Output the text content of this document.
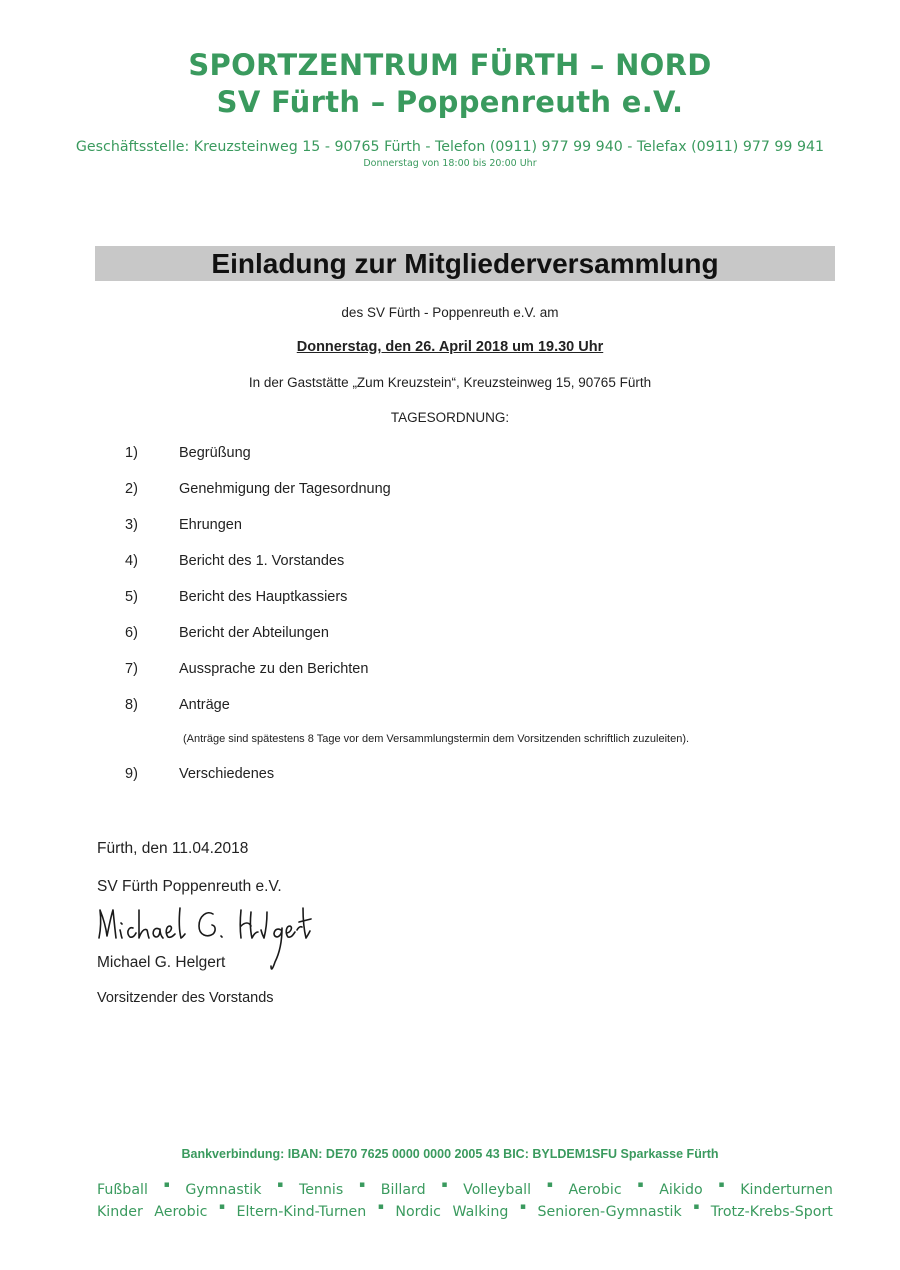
SPORTZENTRUM FÜRTH – NORD
SV Fürth – Poppenreuth e.V.
Geschäftsstelle: Kreuzsteinweg 15 - 90765 Fürth - Telefon (0911) 977 99 940 - Telefax (0911) 977 99 941
Donnerstag von 18:00 bis 20:00 Uhr
Einladung zur Mitgliederversammlung
des SV Fürth - Poppenreuth e.V. am
Donnerstag, den 26. April 2018 um 19.30 Uhr
In der Gaststätte „Zum Kreuzstein“, Kreuzsteinweg 15, 90765 Fürth
TAGESORDNUNG:
1)	Begrüßung
2)	Genehmigung der Tagesordnung
3)	Ehrungen
4)	Bericht des 1. Vorstandes
5)	Bericht des Hauptkassiers
6)	Bericht der Abteilungen
7)	Aussprache zu den Berichten
8)	Anträge
(Anträge sind spätestens 8 Tage vor dem Versammlungstermin dem Vorsitzenden schriftlich zuzuleiten).
9)	Verschiedenes
Fürth, den 11.04.2018
SV Fürth Poppenreuth e.V.
Michael G. Helgert
Vorsitzender des Vorstands
Bankverbindung: IBAN: DE70 7625 0000 0000 2005 43 BIC: BYLDEM1SFU Sparkasse Fürth
Fußball ▪ Gymnastik ▪ Tennis ▪ Billard ▪ Volleyball ▪ Aerobic ▪ Aikido ▪ Kinderturnen
Kinder Aerobic ▪ Eltern-Kind-Turnen ▪ Nordic Walking ▪ Senioren-Gymnastik ▪ Trotz-Krebs-Sport
